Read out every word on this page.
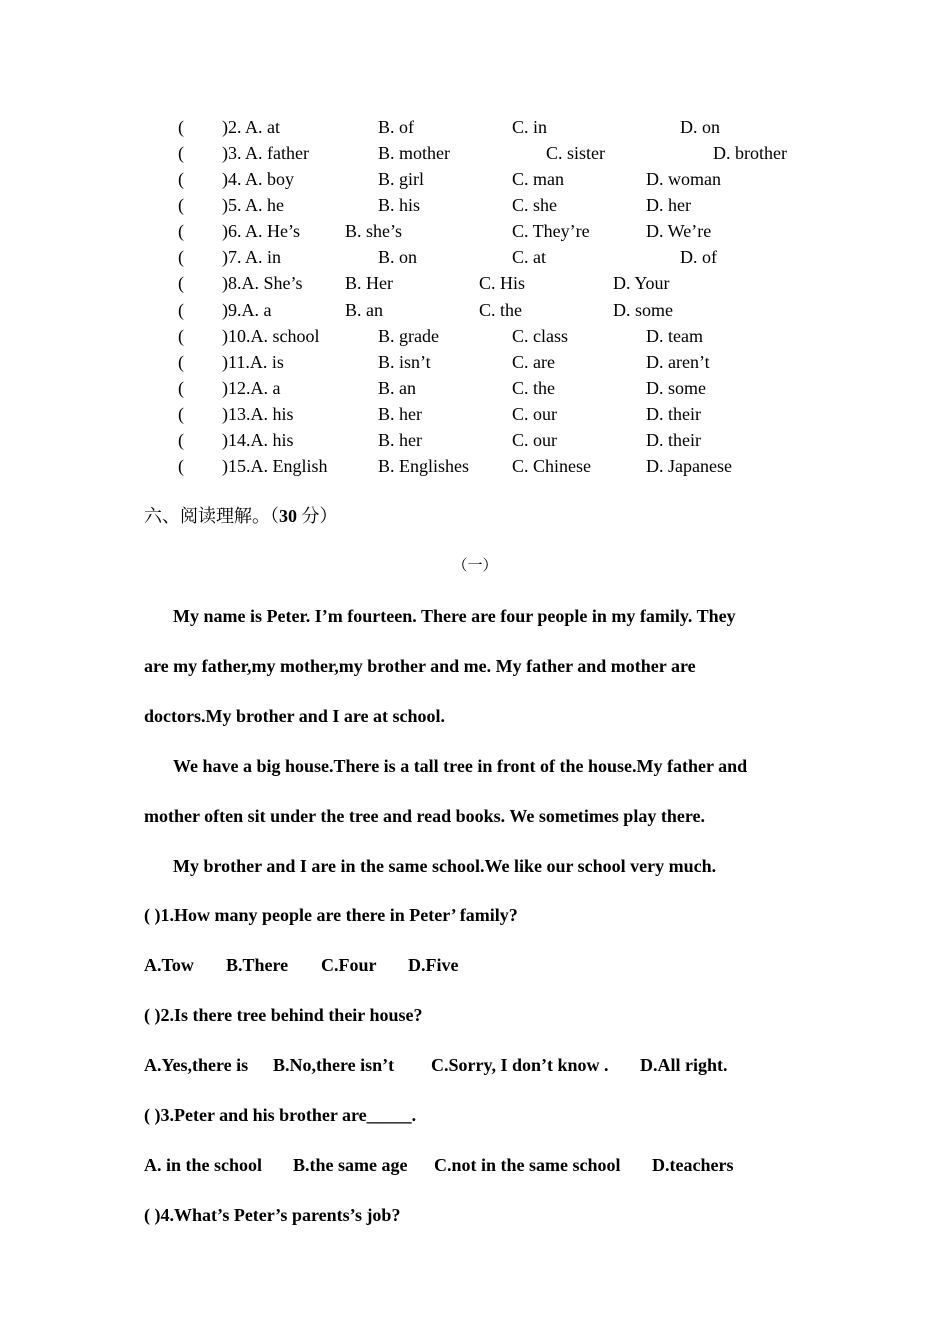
( )2. A. at	B. of	C. in	D. on
( )3. A. father	B. mother	C. sister	D. brother
( )4. A. boy	B. girl	C. man	D. woman
( )5. A. he	B. his	C. she	D. her
( )6. A. He’s	B. she’s	C. They’re	D. We’re
( )7. A. in	B. on	C. at	D. of
( )8.A. She’s B. Her	C. His	D. Your
( )9.A. a	B. an	C. the	D. some
( )10.A. school	B. grade	C. class	D. team
( )11.A. is	B. isn’t	C. are	D. aren’t
( )12.A. a	B. an	C. the	D. some
( )13.A. his	B. her	C. our	D. their
( )14.A. his	B. her	C. our	D. their
( )15.A. English	B. Englishes C. Chinese	D. Japanese
六、阅读理解。（30 分）
（一）
My name is Peter. I’m fourteen. There are four people in my family. They
are my father,my mother,my brother and me. My father and mother are
doctors.My brother and I are at school.
We have a big house.There is a tall tree in front of the house.My father and
mother often sit under the tree and read books. We sometimes play there.
My brother and I are in the same school.We like our school very much.
( )1.How many people are there in Peter’ family?
A.Tow B.There C.Four D.Five
( )2.Is there tree behind their house?
A.Yes,there is B.No,there isn’t C.Sorry, I don’t know . D.All right.
( )3.Peter and his brother are_____.
A. in the school B.the same age C.not in the same school D.teachers
( )4.What’s Peter’s parents’s job?
